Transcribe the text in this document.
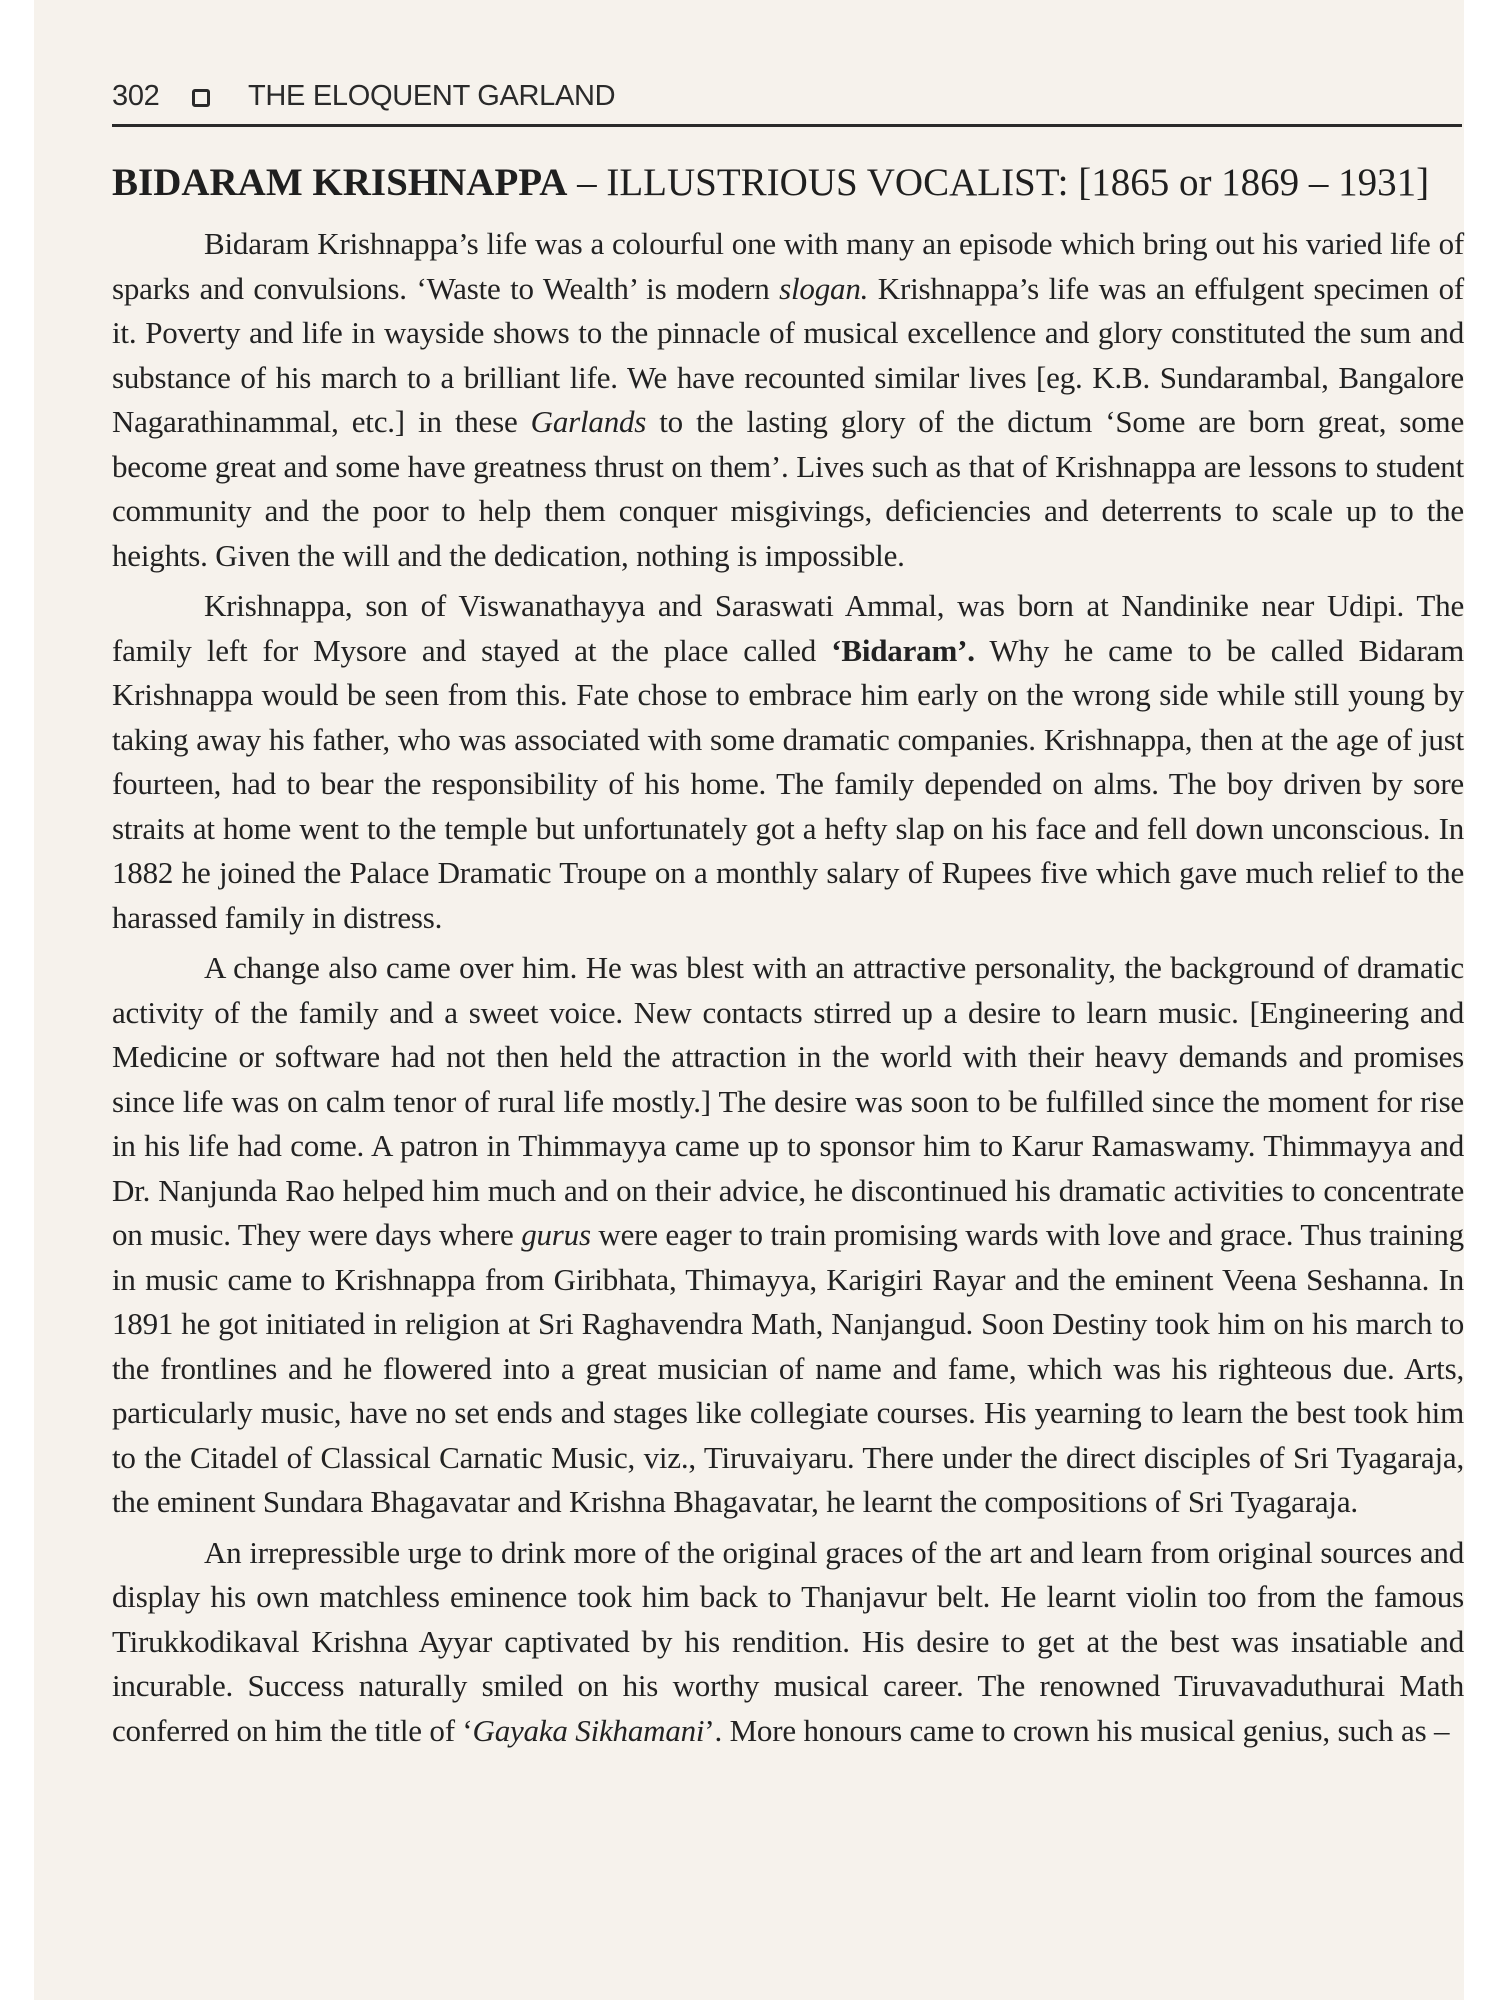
302	THE ELOQUENT GARLAND
BIDARAM KRISHNAPPA – ILLUSTRIOUS VOCALIST: [1865 or 1869 – 1931]

Bidaram Krishnappa’s life was a colourful one with many an episode which bring out his varied life of sparks and convulsions. ‘Waste to Wealth’ is modern slogan. Krishnappa’s life was an effulgent specimen of it. Poverty and life in wayside shows to the pinnacle of musical excellence and glory constituted the sum and substance of his march to a brilliant life. We have recounted similar lives [eg. K.B. Sundarambal, Bangalore Nagarathinammal, etc.] in these Garlands to the lasting glory of the dictum ‘Some are born great, some become great and some have greatness thrust on them’. Lives such as that of Krishnappa are lessons to student community and the poor to help them conquer misgivings, deficiencies and deterrents to scale up to the heights. Given the will and the dedication, nothing is impossible.

Krishnappa, son of Viswanathayya and Saraswati Ammal, was born at Nandinike near Udipi. The family left for Mysore and stayed at the place called ‘Bidaram’. Why he came to be called Bidaram Krishnappa would be seen from this. Fate chose to embrace him early on the wrong side while still young by taking away his father, who was associated with some dramatic companies. Krishnappa, then at the age of just fourteen, had to bear the responsibility of his home. The family depended on alms. The boy driven by sore straits at home went to the temple but unfortunately got a hefty slap on his face and fell down unconscious. In 1882 he joined the Palace Dramatic Troupe on a monthly salary of Rupees five which gave much relief to the harassed family in distress.

A change also came over him. He was blest with an attractive personality, the background of dramatic activity of the family and a sweet voice. New contacts stirred up a desire to learn music. [Engineering and Medicine or software had not then held the attraction in the world with their heavy demands and promises since life was on calm tenor of rural life mostly.] The desire was soon to be fulfilled since the moment for rise in his life had come. A patron in Thimmayya came up to sponsor him to Karur Ramaswamy. Thimmayya and Dr. Nanjunda Rao helped him much and on their advice, he discontinued his dramatic activities to concentrate on music. They were days where gurus were eager to train promising wards with love and grace. Thus training in music came to Krishnappa from Giribhata, Thimayya, Karigiri Rayar and the eminent Veena Seshanna. In 1891 he got initiated in religion at Sri Raghavendra Math, Nanjangud. Soon Destiny took him on his march to the frontlines and he flowered into a great musician of name and fame, which was his righteous due. Arts, particularly music, have no set ends and stages like collegiate courses. His yearning to learn the best took him to the Citadel of Classical Carnatic Music, viz., Tiruvaiyaru. There under the direct disciples of Sri Tyagaraja, the eminent Sundara Bhagavatar and Krishna Bhagavatar, he learnt the compositions of Sri Tyagaraja.

An irrepressible urge to drink more of the original graces of the art and learn from original sources and display his own matchless eminence took him back to Thanjavur belt. He learnt violin too from the famous Tirukkodikaval Krishna Ayyar captivated by his rendition. His desire to get at the best was insatiable and incurable. Success naturally smiled on his worthy musical career. The renowned Tiruvavaduthurai Math conferred on him the title of ‘Gayaka Sikhamani’. More honours came to crown his musical genius, such as –
